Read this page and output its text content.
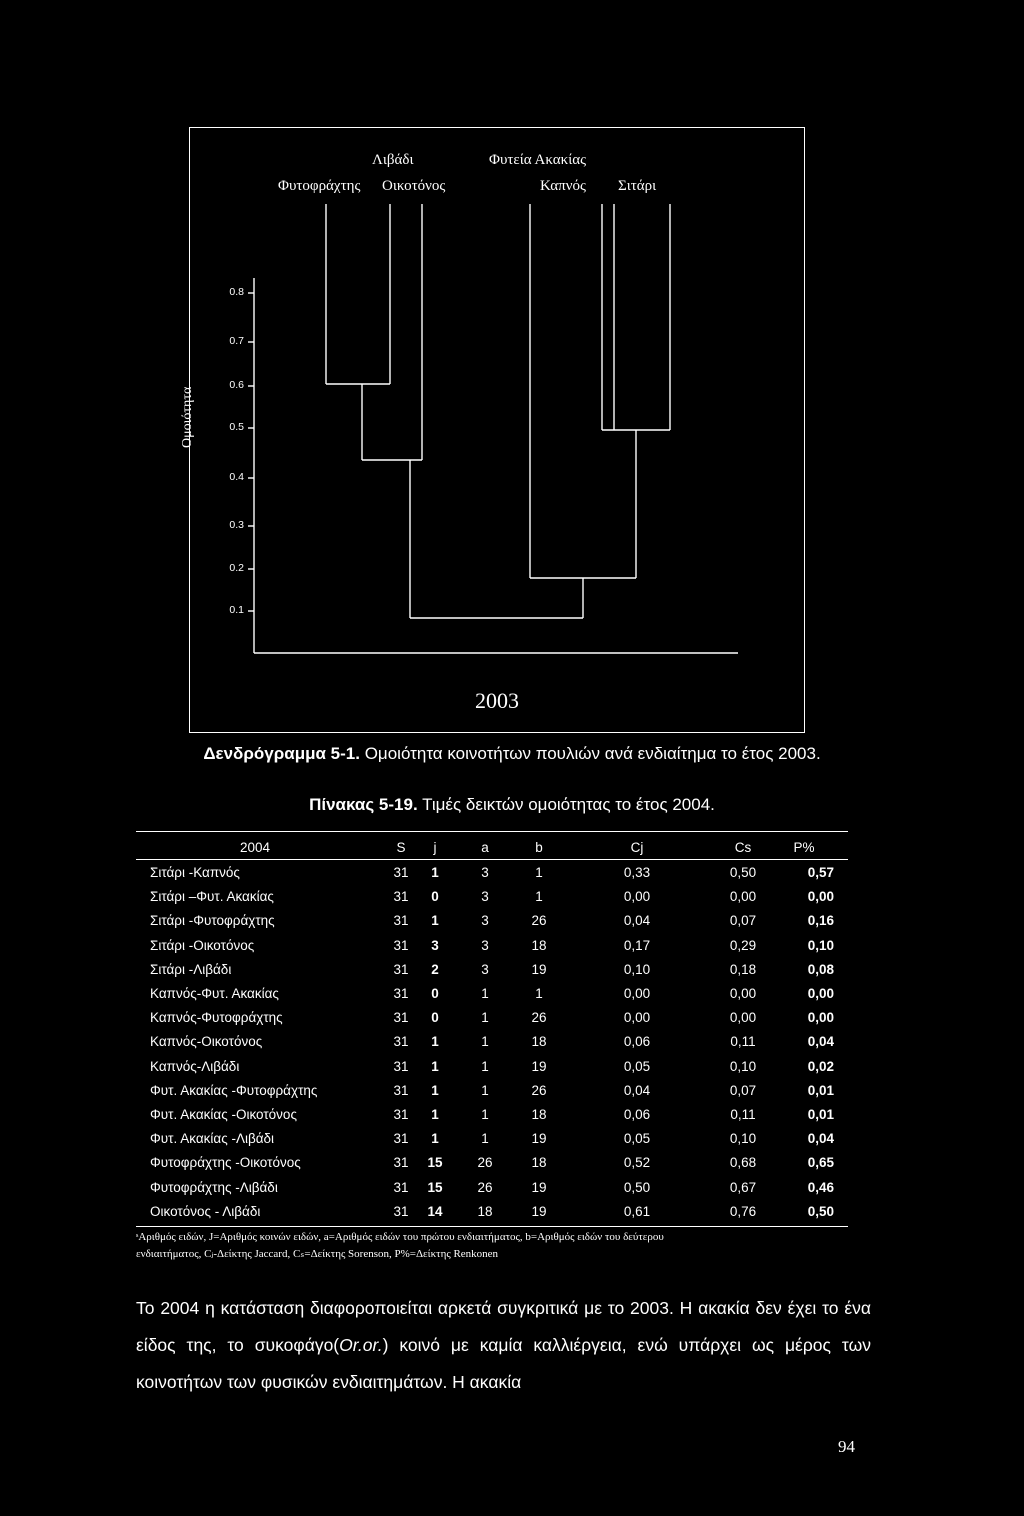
Λιβάδι	Φυτεία Ακακίας
Φυτοφράχτης Οικοτόνος	Καπνός Σιτάρι
0.8
0.7
0.6
0.5
0.4
0.3
0.2
0.1
Ομοιότητα
2003
Δενδρόγραμμα 5-1. Ομοιότητα κοινοτήτων πουλιών ανά ενδιαίτημα το έτος 2003.
Πίνακας 5-19. Τιμές δεικτών ομοιότητας το έτος 2004.
2004	S	j	a	b	Cj	Cs	P%
Σιτάρι -Καπνός	31	1	3	1	0,33	0,50	0,57
Σιτάρι –Φυτ. Ακακίας	31	0	3	1	0,00	0,00	0,00
Σιτάρι -Φυτοφράχτης	31	1	3	26	0,04	0,07	0,16
Σιτάρι -Οικοτόνος	31	3	3	18	0,17	0,29	0,10
Σιτάρι -Λιβάδι	31	2	3	19	0,10	0,18	0,08
Καπνός-Φυτ. Ακακίας	31	0	1	1	0,00	0,00	0,00
Καπνός-Φυτοφράχτης	31	0	1	26	0,00	0,00	0,00
Καπνός-Οικοτόνος	31	1	1	18	0,06	0,11	0,04
Καπνός-Λιβάδι	31	1	1	19	0,05	0,10	0,02
Φυτ. Ακακίας -Φυτοφράχτης	31	1	1	26	0,04	0,07	0,01
Φυτ. Ακακίας -Οικοτόνος	31	1	1	18	0,06	0,11	0,01
Φυτ. Ακακίας -Λιβάδι	31	1	1	19	0,05	0,10	0,04
Φυτοφράχτης -Οικοτόνος	31	15	26	18	0,52	0,68	0,65
Φυτοφράχτης -Λιβάδι	31	15	26	19	0,50	0,67	0,46
Οικοτόνος - Λιβάδι	31	14	18	19	0,61	0,76	0,50
ˢΑριθμός ειδών, J=Αριθμός κοινών ειδών, a=Αριθμός ειδών του πρώτου ενδιαιτήματος, b=Αριθμός ειδών του δεύτερου
ενδιαιτήματος, Cⱼ-Δείκτης Jaccard, Cₛ=Δείκτης Sorenson, P%=Δείκτης Renkonen
Το 2004 η κατάσταση διαφοροποιείται αρκετά συγκριτικά με το 2003. Η ακακία δεν έχει το ένα είδος της, το συκοφάγο(Or.or.) κοινό με καμία καλλιέργεια, ενώ υπάρχει ως μέρος των κοινοτήτων των φυσικών ενδιαιτημάτων. Η ακακία
94
